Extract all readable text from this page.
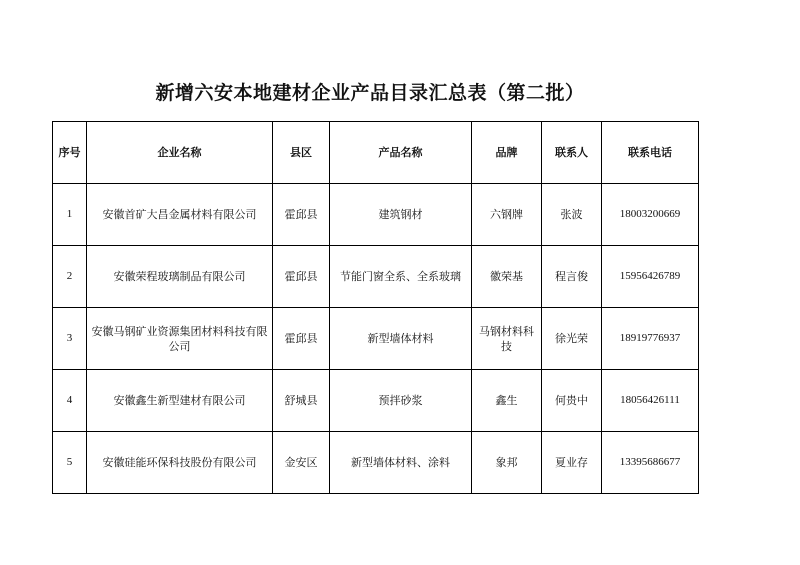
新增六安本地建材企业产品目录汇总表（第二批）
序号	企业名称	县区	产品名称	品牌	联系人	联系电话
1	安徽首矿大昌金属材料有限公司	霍邱县	建筑钢材	六钢牌	张波	18003200669
2	安徽荣程玻璃制品有限公司	霍邱县	节能门窗全系、全系玻璃	徽荣基	程言俊	15956426789
3	安徽马钢矿业资源集团材料科技有限公司	霍邱县	新型墙体材料	马钢材料科技	徐光荣	18919776937
4	安徽鑫生新型建材有限公司	舒城县	预拌砂浆	鑫生	何贵中	18056426111
5	安徽硅能环保科技股份有限公司	金安区	新型墙体材料、涂料	象邦	夏业存	13395686677
